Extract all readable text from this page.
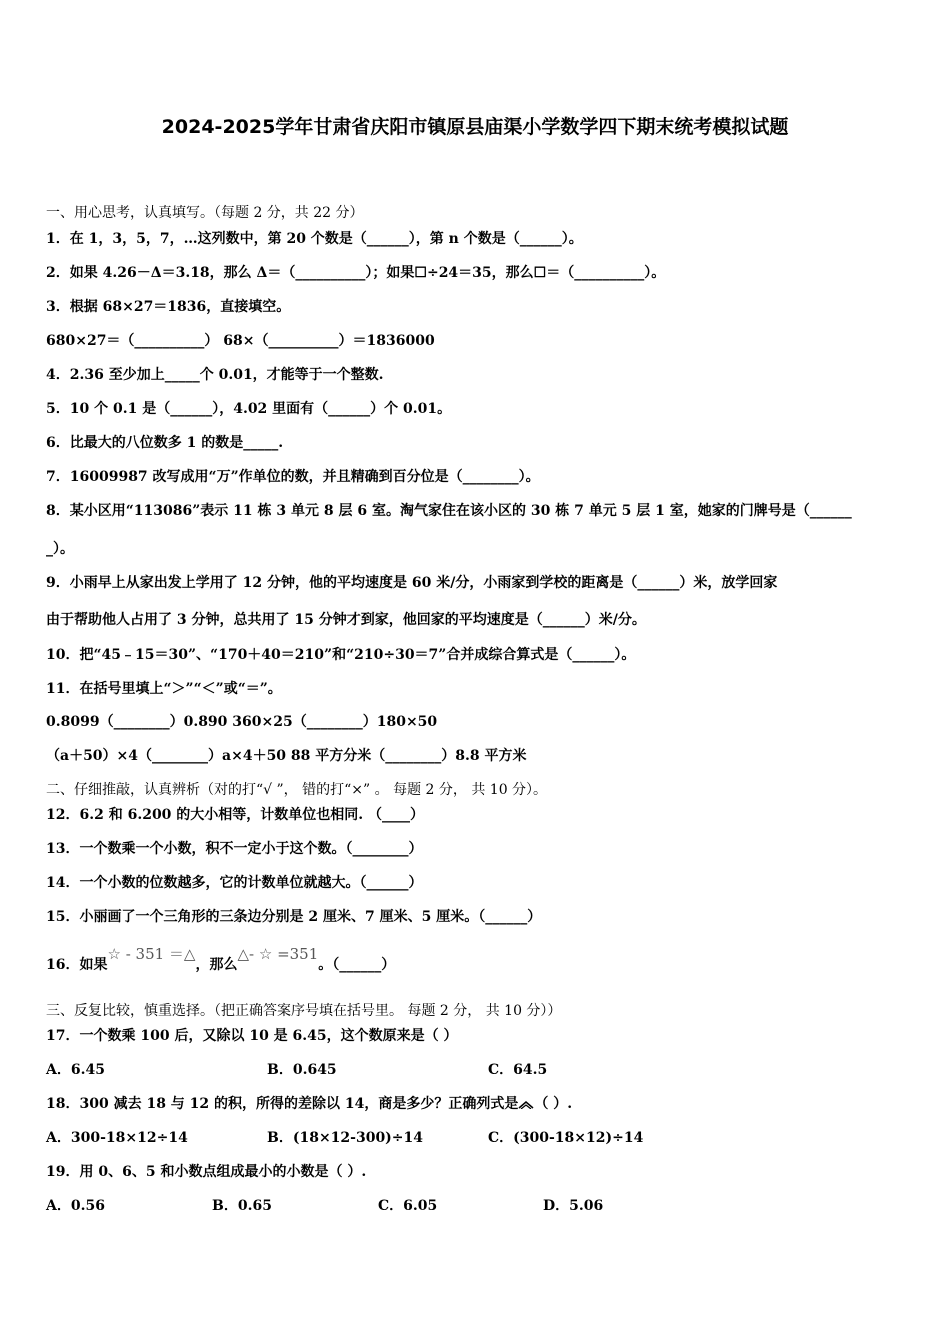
2024-2025学年甘肃省庆阳市镇原县庙渠小学数学四下期末统考模拟试题
一、用心思考，认真填写。（每题 2 分，共 22 分）
1．在 1，3，5，7，…这列数中，第 20 个数是（______），第 n 个数是（______）。
2．如果 4.26－Δ＝3.18，那么 Δ＝（__________）；如果☐÷24＝35，那么☐＝（__________）。
3．根据 68×27＝1836，直接填空。
680×27＝（__________） 68×（__________）＝1836000
4．2.36 至少加上_____个 0.01，才能等于一个整数.
5．10 个 0.1 是（______），4.02 里面有（______）个 0.01。
6．比最大的八位数多 1 的数是_____.
7．16009987 改写成用“万”作单位的数，并且精确到百分位是（________）。
8．某小区用“113086”表示 11 栋 3 单元 8 层 6 室。淘气家住在该小区的 30 栋 7 单元 5 层 1 室，她家的门牌号是（______
_）。
9．小雨早上从家出发上学用了 12 分钟，他的平均速度是 60 米/分，小雨家到学校的距离是（______）米，放学回家
由于帮助他人占用了 3 分钟，总共用了 15 分钟才到家，他回家的平均速度是（______）米/分。
10．把“45﹣15＝30”、“170＋40＝210”和“210÷30＝7”合并成综合算式是（______）。
11．在括号里填上“＞”“＜”或“＝”。
0.8099（________）0.890 360×25（________）180×50
（a＋50）×4（________）a×4＋50 88 平方分米（________）8.8 平方米
二、仔细推敲，认真辨析（对的打“√ ”， 错的打“×” 。 每题 2 分， 共 10 分）。
12．6.2 和 6.200 的大小相等，计数单位也相同. （____）
13．一个数乘一个小数，积不一定小于这个数。（________）
14．一个小数的位数越多，它的计数单位就越大。（______）
15．小丽画了一个三角形的三条边分别是 2 厘米、7 厘米、5 厘米。（______）
16．如果☆ - 351 ＝△，那么△- ☆ =351。（______）
三、反复比较，慎重选择。（把正确答案序号填在括号里。 每题 2 分， 共 10 分））
17．一个数乘 100 后，又除以 10 是 6.45，这个数原来是（ ）
A．6.45	B．0.645	C．64.5
18．300 减去 18 与 12 的积，所得的差除以 14，商是多少？正确列式是 （ ）.
A．300-18×12÷14	B．(18×12-300)÷14	C．(300-18×12)÷14
19．用 0、6、5 和小数点组成最小的小数是（ ）.
A．0.56	B．0.65	C．6.05	D．5.06
